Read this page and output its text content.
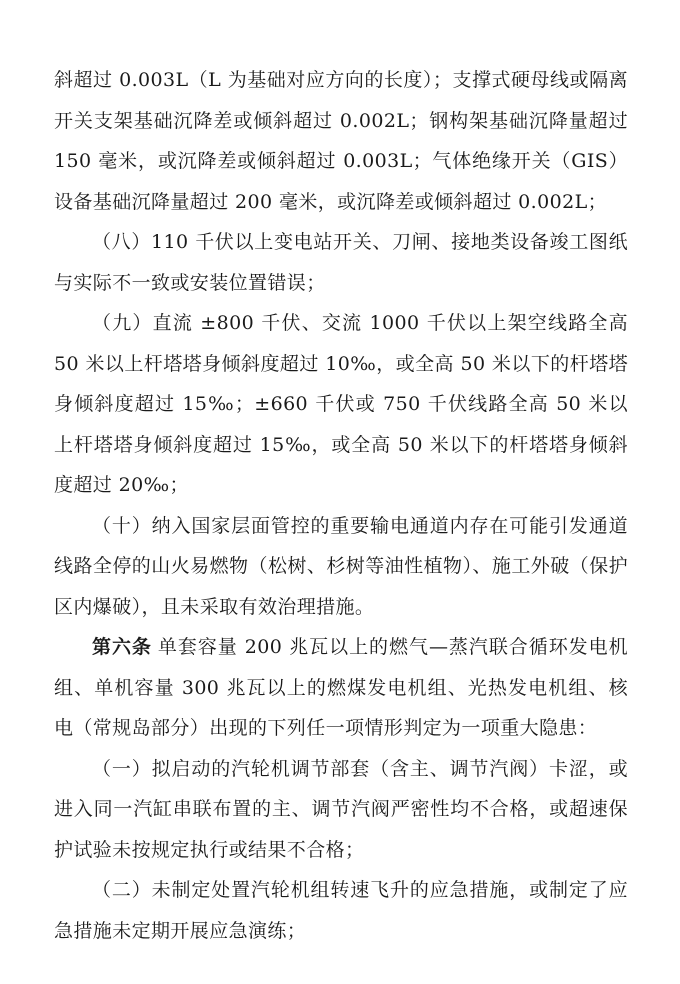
斜超过 0.003L（L 为基础对应方向的长度）；支撑式硬母线或隔离开关支架基础沉降差或倾斜超过 0.002L；钢构架基础沉降量超过 150 毫米，或沉降差或倾斜超过 0.003L；气体绝缘开关（GIS）设备基础沉降量超过 200 毫米，或沉降差或倾斜超过 0.002L；

（八）110 千伏以上变电站开关、刀闸、接地类设备竣工图纸与实际不一致或安装位置错误；

（九）直流 ±800 千伏、交流 1000 千伏以上架空线路全高 50 米以上杆塔塔身倾斜度超过 10‰，或全高 50 米以下的杆塔塔身倾斜度超过 15‰；±660 千伏或 750 千伏线路全高 50 米以上杆塔塔身倾斜度超过 15‰，或全高 50 米以下的杆塔塔身倾斜度超过 20‰；

（十）纳入国家层面管控的重要输电通道内存在可能引发通道线路全停的山火易燃物（松树、杉树等油性植物）、施工外破（保护区内爆破），且未采取有效治理措施。

第六条 单套容量 200 兆瓦以上的燃气—蒸汽联合循环发电机组、单机容量 300 兆瓦以上的燃煤发电机组、光热发电机组、核电（常规岛部分）出现的下列任一项情形判定为一项重大隐患：

（一）拟启动的汽轮机调节部套（含主、调节汽阀）卡涩，或进入同一汽缸串联布置的主、调节汽阀严密性均不合格，或超速保护试验未按规定执行或结果不合格；

（二）未制定处置汽轮机组转速飞升的应急措施，或制定了应急措施未定期开展应急演练；
